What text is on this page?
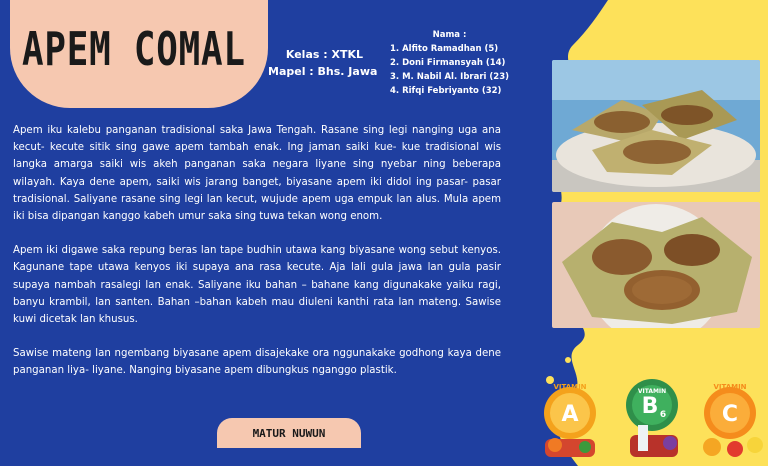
APEM COMAL	Kelas : XTKL
Mapel : Bhs. Jawa
Nama :
1. Alfito Ramadhan (5)
2. Doni Firmansyah (14)
3. M. Nabil Al. Ibrari (23)
4. Rifqi Febriyanto (32)

Apem iku kalebu panganan tradisional saka Jawa Tengah. Rasane sing legi nanging uga ana kecut- kecute sitik sing gawe apem tambah enak. Ing jaman saiki kue- kue tradisional wis langka amarga saiki wis akeh panganan saka negara liyane sing nyebar ning beberapa wilayah. Kaya dene apem, saiki wis jarang banget, biyasane apem iki didol ing pasar- pasar tradisional. Saliyane rasane sing legi lan kecut, wujude apem uga empuk lan alus. Mula apem iki bisa dipangan kanggo kabeh umur saka sing tuwa tekan wong enom.

Apem iki digawe saka repung beras lan tape budhin utawa kang biyasane wong sebut kenyos. Kagunane tape utawa kenyos iki supaya ana rasa kecute. Aja lali gula jawa lan gula pasir supaya nambah rasalegi lan enak. Saliyane iku bahan – bahane kang digunakake yaiku ragi, banyu krambil, lan santen. Bahan –bahan kabeh mau diuleni kanthi rata lan mateng. Sawise kuwi dicetak lan khusus.

Sawise mateng lan ngembang biyasane apem disajekake ora nggunakake godhong kaya dene panganan liya- liyane. Nanging biyasane apem dibungkus nganggo plastik.

MATUR NUWUN
A
VITAMIN
B 6
VITAMIN
C
VITAMIN
